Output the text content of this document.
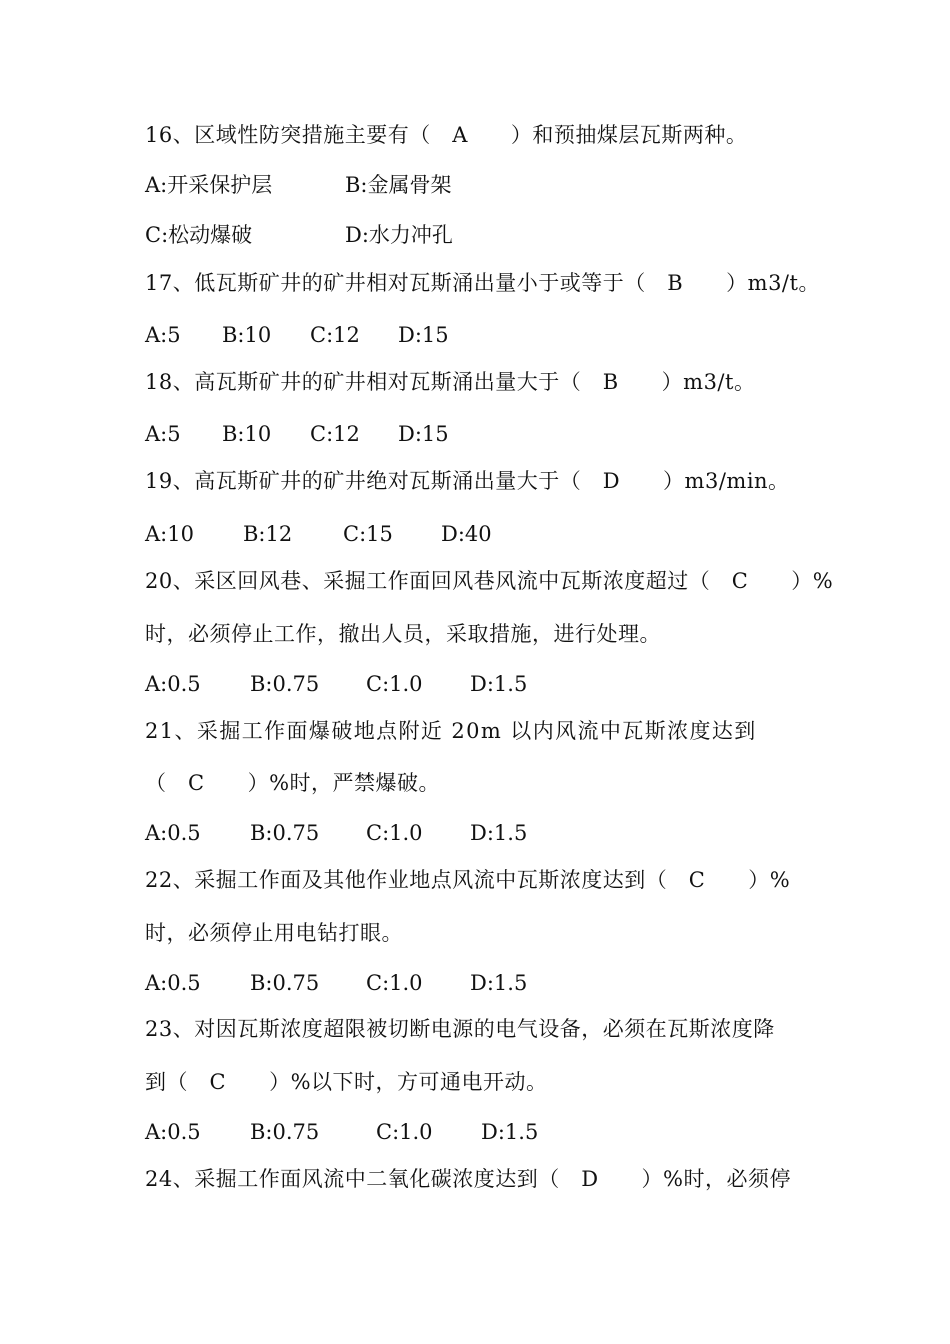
16、区域性防突措施主要有（　A　　）和预抽煤层瓦斯两种。
A:开采保护层	B:金属骨架
C:松动爆破	D:水力冲孔
17、低瓦斯矿井的矿井相对瓦斯涌出量小于或等于（　B　　）m3/t。
A:5 B:10 C:12 D:15
18、高瓦斯矿井的矿井相对瓦斯涌出量大于（　B　　）m3/t。
A:5 B:10 C:12 D:15
19、高瓦斯矿井的矿井绝对瓦斯涌出量大于（　D　　）m3/min。
A:10 B:12 C:15 D:40
20、采区回风巷、采掘工作面回风巷风流中瓦斯浓度超过（　C　　）%
时，必须停止工作，撤出人员，采取措施，进行处理。
A:0.5 B:0.75 C:1.0 D:1.5
21、采掘工作面爆破地点附近 20m 以内风流中瓦斯浓度达到
（　C　　）%时，严禁爆破。
A:0.5 B:0.75 C:1.0 D:1.5
22、采掘工作面及其他作业地点风流中瓦斯浓度达到（　C　　）%
时，必须停止用电钻打眼。
A:0.5 B:0.75 C:1.0 D:1.5
23、对因瓦斯浓度超限被切断电源的电气设备，必须在瓦斯浓度降
到（　C　　）%以下时，方可通电开动。
A:0.5 B:0.75	C:1.0 D:1.5
24、采掘工作面风流中二氧化碳浓度达到（　D　　）%时，必须停
